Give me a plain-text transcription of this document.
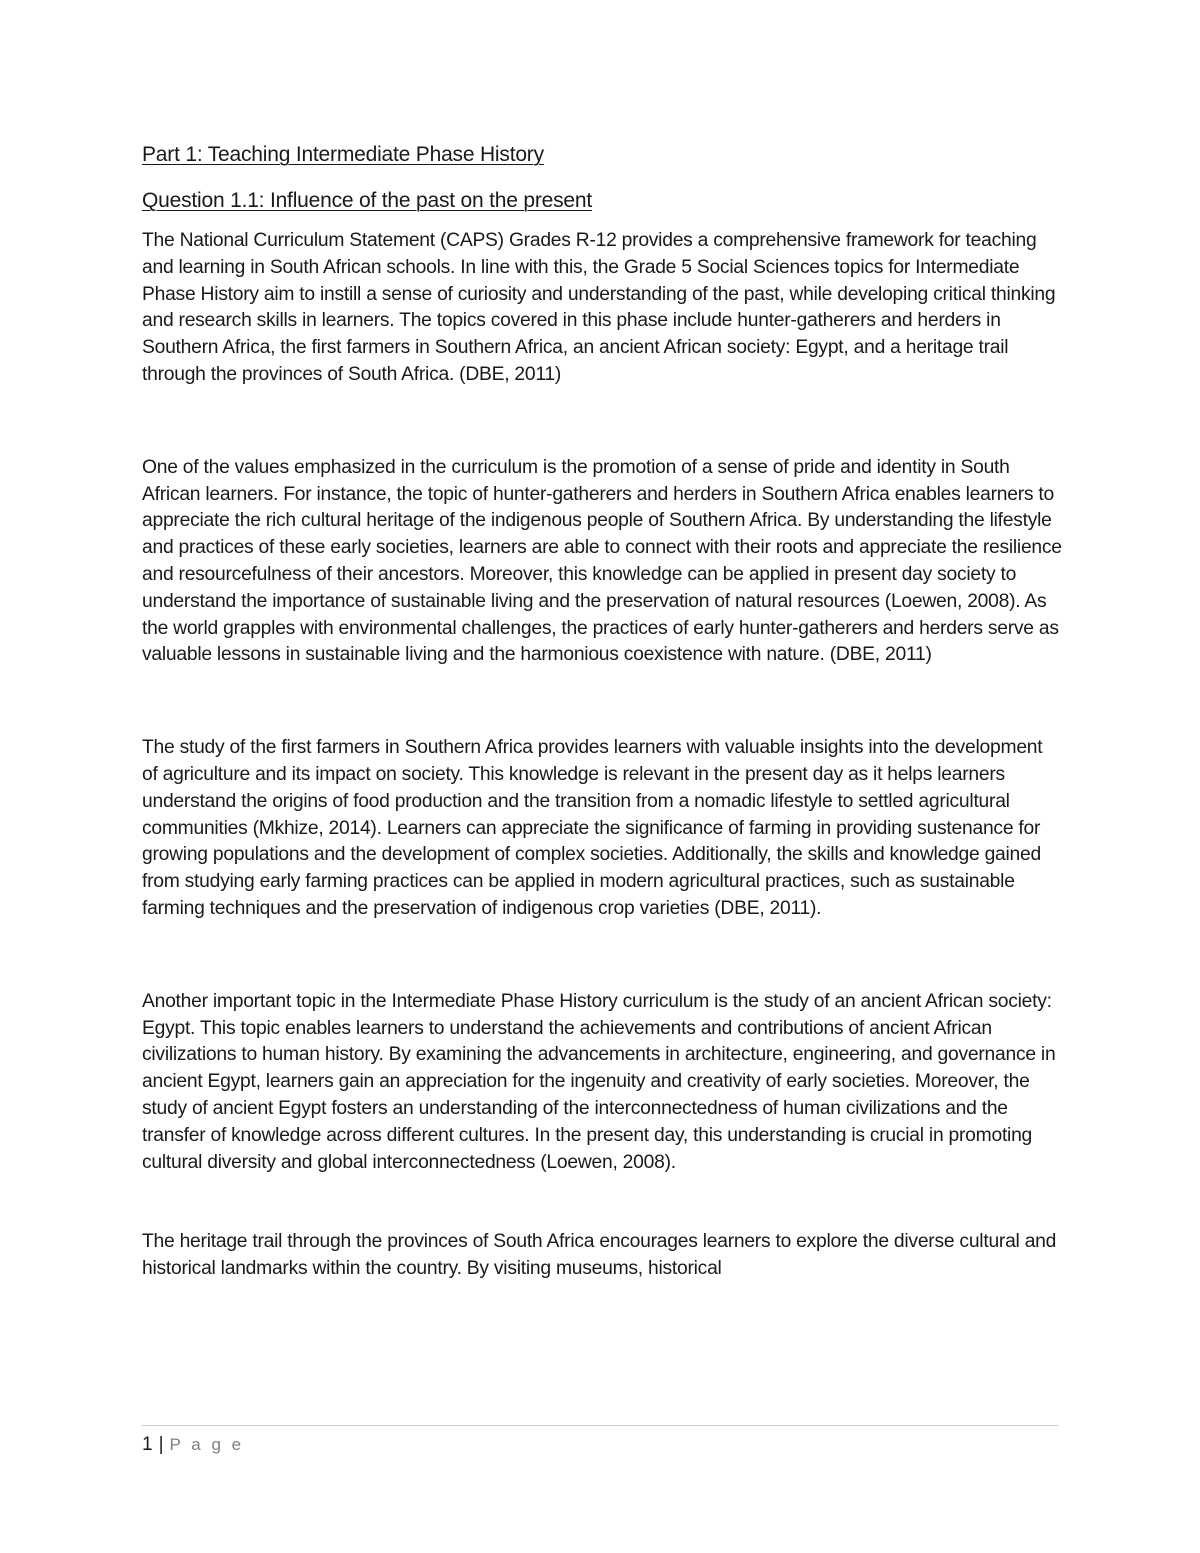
Part 1: Teaching Intermediate Phase History
Question 1.1: Influence of the past on the present

The National Curriculum Statement (CAPS) Grades R-12 provides a comprehensive framework for teaching and learning in South African schools. In line with this, the Grade 5 Social Sciences topics for Intermediate Phase History aim to instill a sense of curiosity and understanding of the past, while developing critical thinking and research skills in learners. The topics covered in this phase include hunter-gatherers and herders in Southern Africa, the first farmers in Southern Africa, an ancient African society: Egypt, and a heritage trail through the provinces of South Africa. (DBE, 2011)

One of the values emphasized in the curriculum is the promotion of a sense of pride and identity in South African learners. For instance, the topic of hunter-gatherers and herders in Southern Africa enables learners to appreciate the rich cultural heritage of the indigenous people of Southern Africa. By understanding the lifestyle and practices of these early societies, learners are able to connect with their roots and appreciate the resilience and resourcefulness of their ancestors. Moreover, this knowledge can be applied in present day society to understand the importance of sustainable living and the preservation of natural resources (Loewen, 2008). As the world grapples with environmental challenges, the practices of early hunter-gatherers and herders serve as valuable lessons in sustainable living and the harmonious coexistence with nature. (DBE, 2011)

The study of the first farmers in Southern Africa provides learners with valuable insights into the development of agriculture and its impact on society. This knowledge is relevant in the present day as it helps learners understand the origins of food production and the transition from a nomadic lifestyle to settled agricultural communities (Mkhize, 2014). Learners can appreciate the significance of farming in providing sustenance for growing populations and the development of complex societies. Additionally, the skills and knowledge gained from studying early farming practices can be applied in modern agricultural practices, such as sustainable farming techniques and the preservation of indigenous crop varieties (DBE, 2011).

Another important topic in the Intermediate Phase History curriculum is the study of an ancient African society: Egypt. This topic enables learners to understand the achievements and contributions of ancient African civilizations to human history. By examining the advancements in architecture, engineering, and governance in ancient Egypt, learners gain an appreciation for the ingenuity and creativity of early societies. Moreover, the study of ancient Egypt fosters an understanding of the interconnectedness of human civilizations and the transfer of knowledge across different cultures. In the present day, this understanding is crucial in promoting cultural diversity and global interconnectedness (Loewen, 2008).

The heritage trail through the provinces of South Africa encourages learners to explore the diverse cultural and historical landmarks within the country. By visiting museums, historical

1 | P a g e
